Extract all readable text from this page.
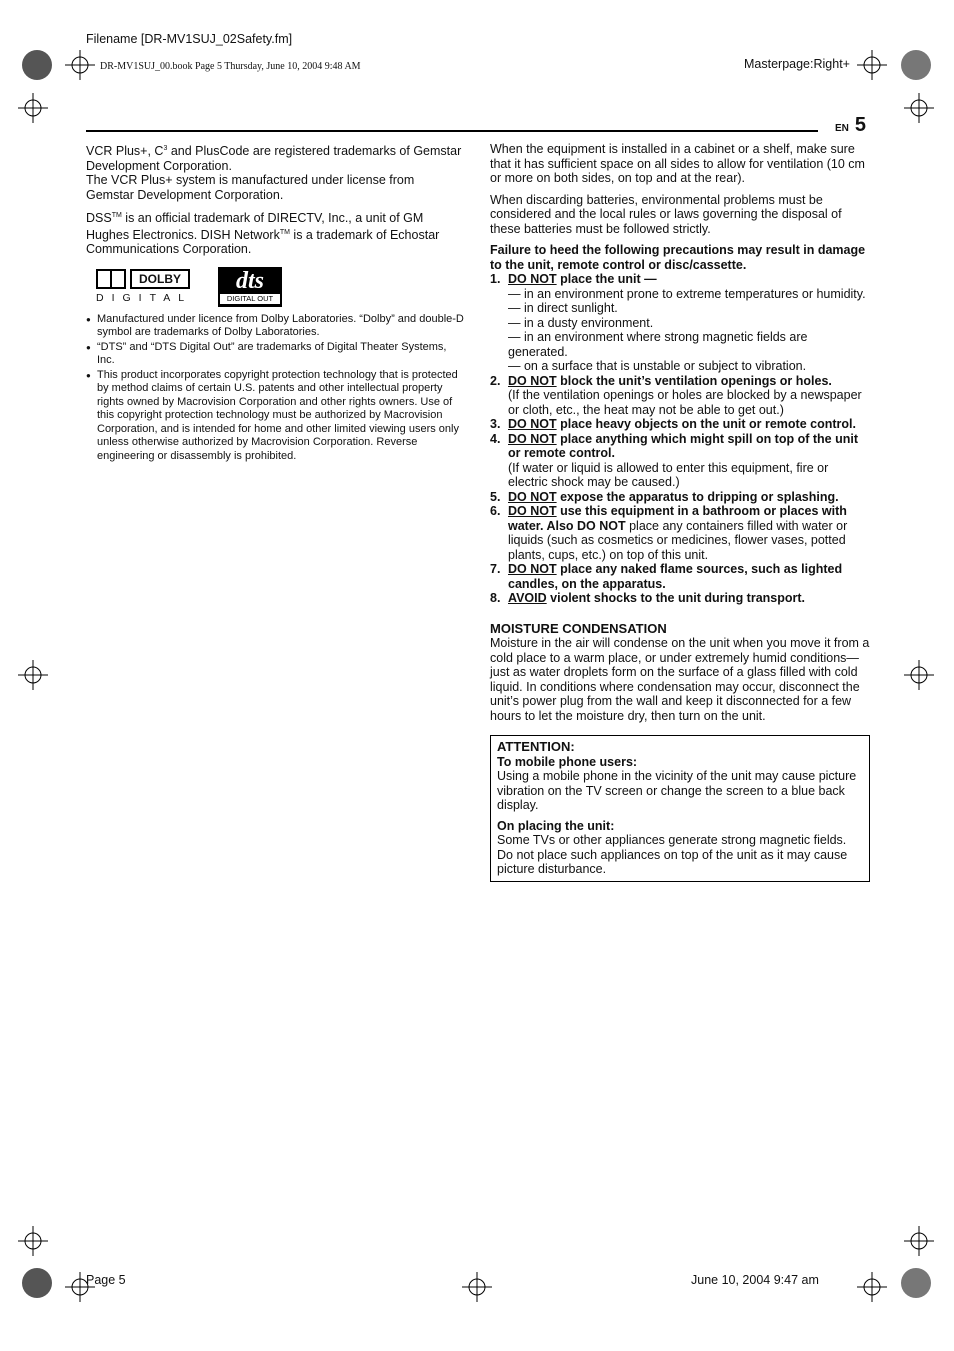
Filename [DR-MV1SUJ_02Safety.fm]
DR-MV1SUJ_00.book Page 5 Thursday, June 10, 2004 9:48 AM	Masterpage:Right+
EN 5

VCR Plus+, $C^3$ and PlusCode are registered trademarks of Gemstar Development Corporation.
The VCR Plus+ system is manufactured under license from Gemstar Development Corporation.

DSS™ is an official trademark of DIRECTV, Inc., a unit of GM Hughes Electronics. DISH Network™ is a trademark of Echostar Communications Corporation.

DOLBY
DIGITAL
dts
DIGITAL OUT
● Manufactured under licence from Dolby Laboratories. “Dolby” and double-D symbol are trademarks of Dolby Laboratories.
● “DTS” and “DTS Digital Out” are trademarks of Digital Theater Systems, Inc.
● This product incorporates copyright protection technology that is protected by method claims of certain U.S. patents and other intellectual property rights owned by Macrovision Corporation and other rights owners. Use of this copyright protection technology must be authorized by Macrovision Corporation, and is intended for home and other limited viewing users only unless otherwise authorized by Macrovision Corporation. Reverse engineering or disassembly is prohibited.

When the equipment is installed in a cabinet or a shelf, make sure that it has sufficient space on all sides to allow for ventilation (10 cm or more on both sides, on top and at the rear).

When discarding batteries, environmental problems must be considered and the local rules or laws governing the disposal of these batteries must be followed strictly.

Failure to heed the following precautions may result in damage to the unit, remote control or disc/cassette.
1. DO NOT place the unit —
— in an environment prone to extreme temperatures or humidity.
— in direct sunlight.
— in a dusty environment.
— in an environment where strong magnetic fields are generated.
— on a surface that is unstable or subject to vibration.
2. DO NOT block the unit’s ventilation openings or holes.
(If the ventilation openings or holes are blocked by a newspaper or cloth, etc., the heat may not be able to get out.)
3. DO NOT place heavy objects on the unit or remote control.
4. DO NOT place anything which might spill on top of the unit or remote control.
(If water or liquid is allowed to enter this equipment, fire or electric shock may be caused.)
5. DO NOT expose the apparatus to dripping or splashing.
6. DO NOT use this equipment in a bathroom or places with water. Also DO NOT place any containers filled with water or liquids (such as cosmetics or medicines, flower vases, potted plants, cups, etc.) on top of this unit.
7. DO NOT place any naked flame sources, such as lighted candles, on the apparatus.
8. AVOID violent shocks to the unit during transport.
MOISTURE CONDENSATION
Moisture in the air will condense on the unit when you move it from a cold place to a warm place, or under extremely humid conditions—just as water droplets form on the surface of a glass filled with cold liquid. In conditions where condensation may occur, disconnect the unit’s power plug from the wall and keep it disconnected for a few hours to let the moisture dry, then turn on the unit.
ATTENTION:
To mobile phone users:
Using a mobile phone in the vicinity of the unit may cause picture vibration on the TV screen or change the screen to a blue back display.
On placing the unit:
Some TVs or other appliances generate strong magnetic fields. Do not place such appliances on top of the unit as it may cause picture disturbance.
Page 5	June 10, 2004 9:47 am
